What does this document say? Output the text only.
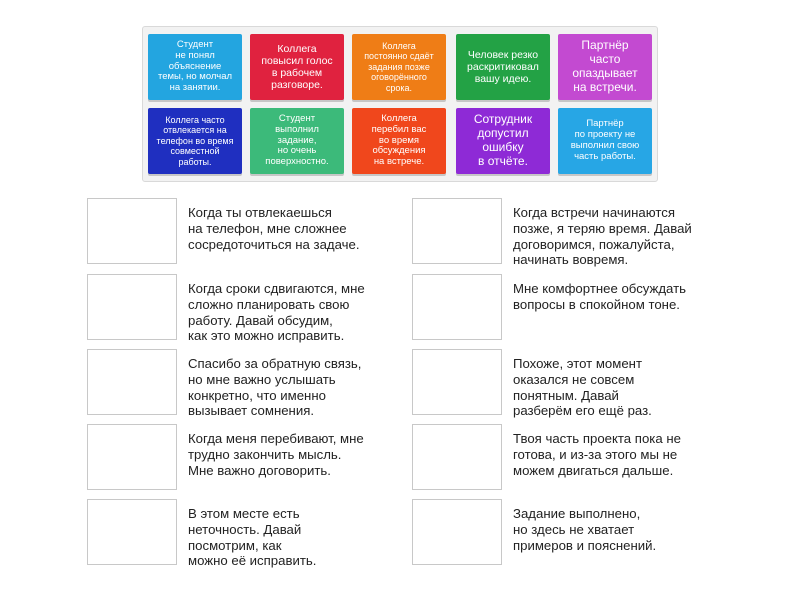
Студент
не понял
объяснение
темы, но молчал
на занятии.
Коллега
повысил голос
в рабочем
разговоре.
Коллега
постоянно сдаёт
задания позже
оговорённого
срока.
Человек резко
раскритиковал
вашу идею.
Партнёр
часто
опаздывает
на встречи.
Коллега часто
отвлекается на
телефон во время
совместной
работы.
Студент
выполнил
задание,
но очень
поверхностно.
Коллега
перебил вас
во время
обсуждения
на встрече.
Сотрудник
допустил
ошибку
в отчёте.
Партнёр
по проекту не
выполнил свою
часть работы.
Когда ты отвлекаешься
на телефон, мне сложнее
сосредоточиться на задаче.
Когда сроки сдвигаются, мне
сложно планировать свою
работу. Давай обсудим,
как это можно исправить.
Спасибо за обратную связь,
но мне важно услышать
конкретно, что именно
вызывает сомнения.
Когда меня перебивают, мне
трудно закончить мысль.
Мне важно договорить.
В этом месте есть
неточность. Давай
посмотрим, как
можно её исправить.
Когда встречи начинаются
позже, я теряю время. Давай
договоримся, пожалуйста,
начинать вовремя.
Мне комфортнее обсуждать
вопросы в спокойном тоне.
Похоже, этот момент
оказался не совсем
понятным. Давай
разберём его ещё раз.
Твоя часть проекта пока не
готова, и из-за этого мы не
можем двигаться дальше.
Задание выполнено,
но здесь не хватает
примеров и пояснений.
